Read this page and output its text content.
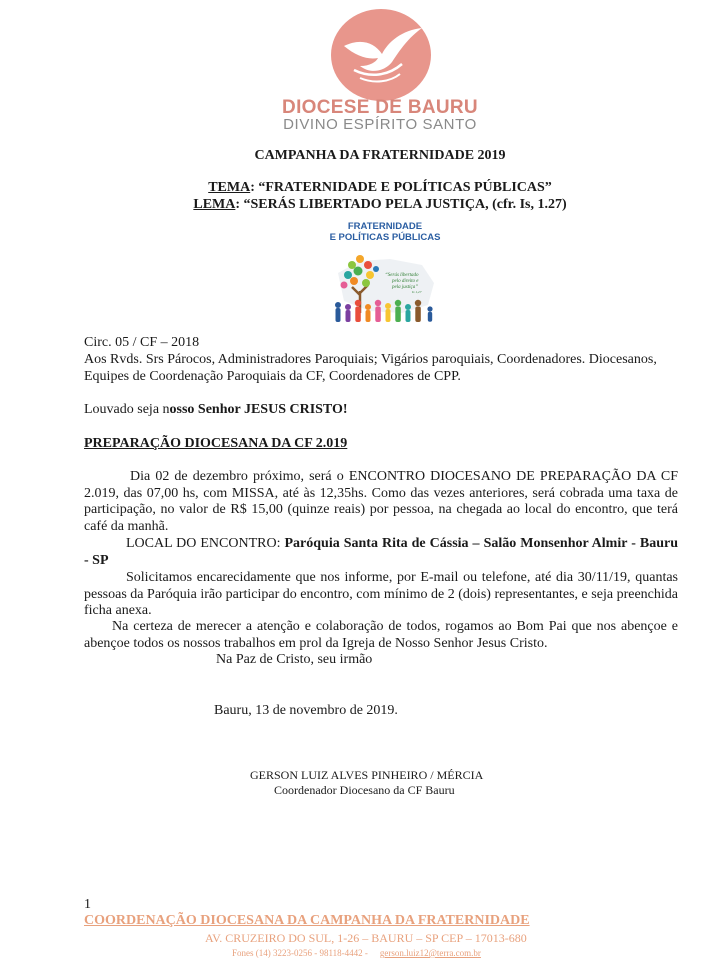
DIOCESE DE BAURU
DIVINO ESPÍRITO SANTO
CAMPANHA DA FRATERNIDADE 2019
TEMA: “FRATERNIDADE E POLÍTICAS PÚBLICAS”
LEMA: “SERÁS LIBERTADO PELA JUSTIÇA, (cfr. Is, 1.27)
FRATERNIDADE
E POLÍTICAS PÚBLICAS
“Serás libertado
pelo direito e
pela justiça”
Is 1,27

Circ. 05 / CF – 2018

Aos Rvds. Srs Párocos, Administradores Paroquiais; Vigários paroquiais, Coordenadores. Diocesanos, Equipes de Coordenação Paroquiais da CF, Coordenadores de CPP.

Louvado seja nosso Senhor JESUS CRISTO!

PREPARAÇÃO DIOCESANA DA CF 2.019

Dia 02 de dezembro próximo, será o ENCONTRO DIOCESANO DE PREPARAÇÃO DA CF 2.019, das 07,00 hs, com MISSA, até às 12,35hs. Como das vezes anteriores, será cobrada uma taxa de participação, no valor de R$ 15,00 (quinze reais) por pessoa, na chegada ao local do encontro, que terá café da manhã.

LOCAL DO ENCONTRO: Paróquia Santa Rita de Cássia – Salão Monsenhor Almir - Bauru - SP

Solicitamos encarecidamente que nos informe, por E-mail ou telefone, até dia 30/11/19, quantas pessoas da Paróquia irão participar do encontro, com mínimo de 2 (dois) representantes, e seja preenchida ficha anexa.

Na certeza de merecer a atenção e colaboração de todos, rogamos ao Bom Pai que nos abençoe e abençoe todos os nossos trabalhos em prol da Igreja de Nosso Senhor Jesus Cristo.

Na Paz de Cristo, seu irmão

Bauru, 13 de novembro de 2019.

GERSON LUIZ ALVES PINHEIRO / MÉRCIA

Coordenador Diocesano da CF Bauru

1
COORDENAÇÃO DIOCESANA DA CAMPANHA DA FRATERNIDADE
AV. CRUZEIRO DO SUL, 1-26 – BAURU – SP CEP – 17013-680
Fones (14) 3223-0256 - 98118-4442 - gerson.luiz12@terra.com.br
